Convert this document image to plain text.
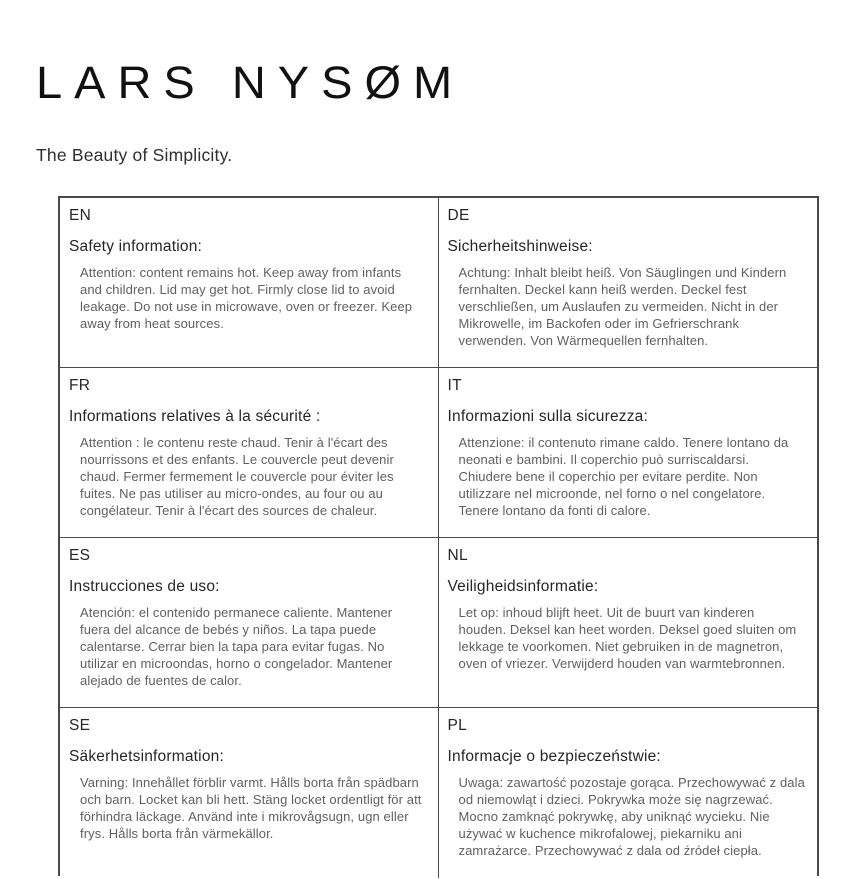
LARS NYSØM
The Beauty of Simplicity.
EN
Safety information:

Attention: content remains hot. Keep away from infants and children. Lid may get hot. Firmly close lid to avoid leakage. Do not use in microwave, oven or freezer. Keep away from heat sources.

DE
Sicherheitshinweise:

Achtung: Inhalt bleibt heiß. Von Säuglingen und Kindern fernhalten. Deckel kann heiß werden. Deckel fest verschließen, um Auslaufen zu vermeiden. Nicht in der Mikrowelle, im Backofen oder im Gefrierschrank verwenden. Von Wärmequellen fernhalten.

FR
Informations relatives à la sécurité :

Attention : le contenu reste chaud. Tenir à l'écart des nourrissons et des enfants. Le couvercle peut devenir chaud. Fermer fermement le couvercle pour éviter les fuites. Ne pas utiliser au micro-ondes, au four ou au congélateur. Tenir à l'écart des sources de chaleur.

IT
Informazioni sulla sicurezza:

Attenzione: il contenuto rimane caldo. Tenere lontano da neonati e bambini. Il coperchio può surriscaldarsi. Chiudere bene il coperchio per evitare perdite. Non utilizzare nel microonde, nel forno o nel congelatore. Tenere lontano da fonti di calore.

ES
Instrucciones de uso:

Atención: el contenido permanece caliente. Mantener fuera del alcance de bebés y niños. La tapa puede calentarse. Cerrar bien la tapa para evitar fugas. No utilizar en microondas, horno o congelador. Mantener alejado de fuentes de calor.

NL
Veiligheidsinformatie:

Let op: inhoud blijft heet. Uit de buurt van kinderen houden. Deksel kan heet worden. Deksel goed sluiten om lekkage te voorkomen. Niet gebruiken in de magnetron, oven of vriezer. Verwijderd houden van warmtebronnen.

SE
Säkerhetsinformation:

Varning: Innehållet förblir varmt. Hålls borta från spädbarn och barn. Locket kan bli hett. Stäng locket ordentligt för att förhindra läckage. Använd inte i mikrovågsugn, ugn eller frys. Hålls borta från värmekällor.

PL
Informacje o bezpieczeństwie:

Uwaga: zawartość pozostaje gorąca. Przechowywać z dala od niemowląt i dzieci. Pokrywka może się nagrzewać. Mocno zamknąć pokrywkę, aby uniknąć wycieku. Nie używać w kuchence mikrofalowej, piekarniku ani zamrażarce. Przechowywać z dala od źródeł ciepła.
